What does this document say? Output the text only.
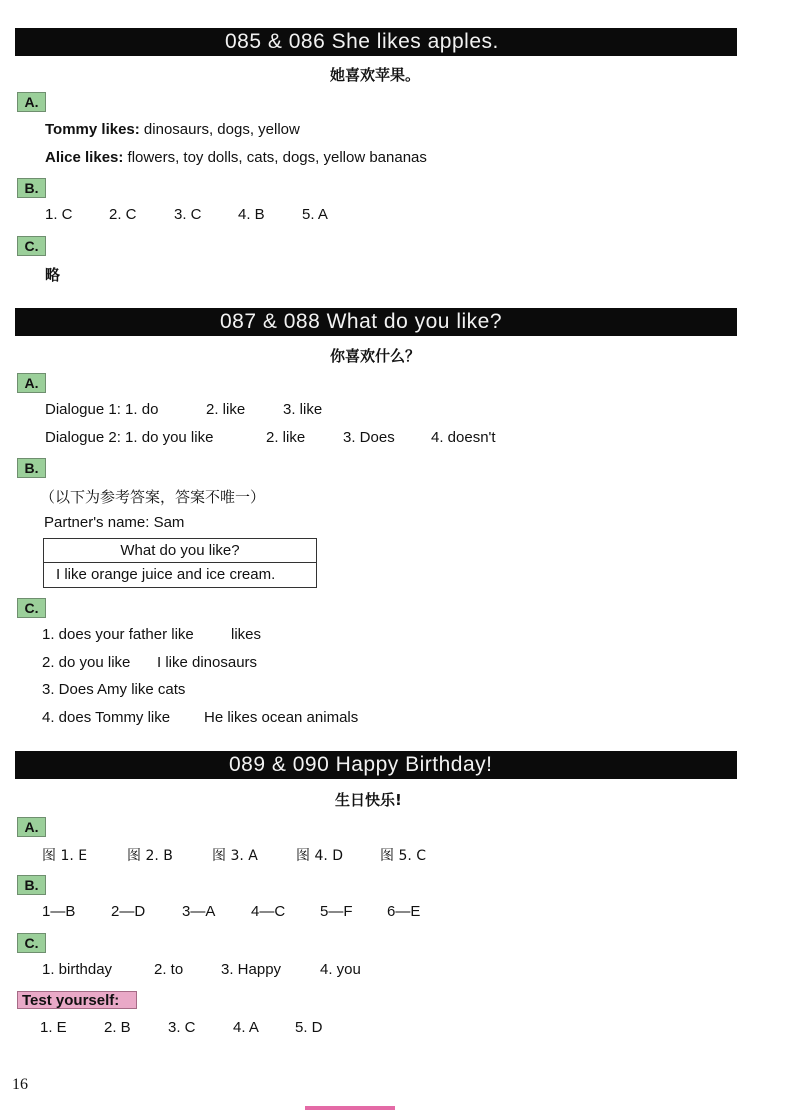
085 & 086 She likes apples.
她喜欢苹果。
A.
Tommy likes: dinosaurs, dogs, yellow
Alice likes: flowers, toy dolls, cats, dogs, yellow bananas
B.
1. C 2. C 3. C 4. B 5. A
C.
略
087 & 088 What do you like?
你喜欢什么？
A.
Dialogue 1: 1. do	2. like	3. like
Dialogue 2: 1. do you like	2. like	3. Does 4. doesn't
B.
（以下为参考答案，答案不唯一）
Partner's name: Sam
What do you like?
I like orange juice and ice cream.
C.
1. does your father like likes
2. do you like I like dinosaurs
3. Does Amy like cats
4. does Tommy like He likes ocean animals
089 & 090 Happy Birthday!
生日快乐!
A.
图 1. E	图 2. B	图 3. A	图 4. D	图 5. C
B.
1—B 2—D 3—A 4—C 5—F 6—E
C.
1. birthday	2. to	3. Happy	4. you
Test yourself:
1. E 2. B 3. C 4. A 5. D
16
